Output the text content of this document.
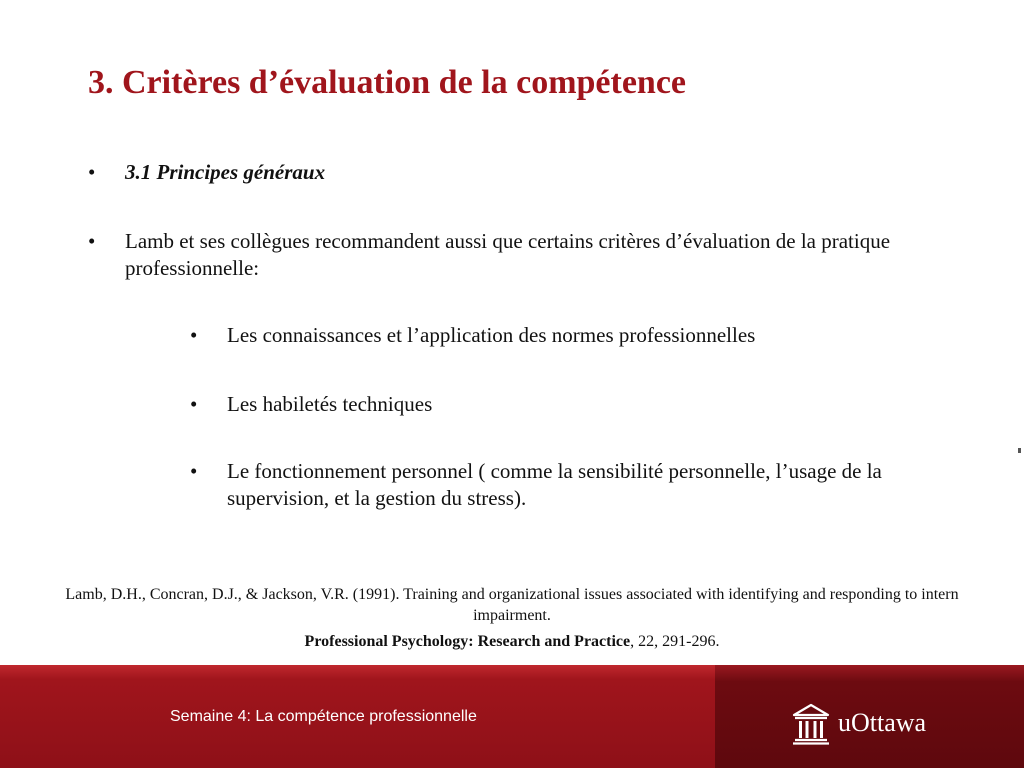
3. Critères d’évaluation de la compétence
•	3.1 Principes généraux
•	Lamb et ses collègues recommandent aussi que certains critères d’évaluation de la pratique professionnelle:
•	Les connaissances et l’application des normes professionnelles
•	Les habiletés techniques
•	Le fonctionnement personnel ( comme la sensibilité personnelle, l’usage de la supervision, et la gestion du stress).
Lamb, D.H., Concran, D.J., & Jackson, V.R. (1991). Training and organizational issues associated with identifying and responding to intern impairment.
Professional Psychology: Research and Practice, 22, 291-296.
Semaine 4: La compétence professionnelle	uOttawa
